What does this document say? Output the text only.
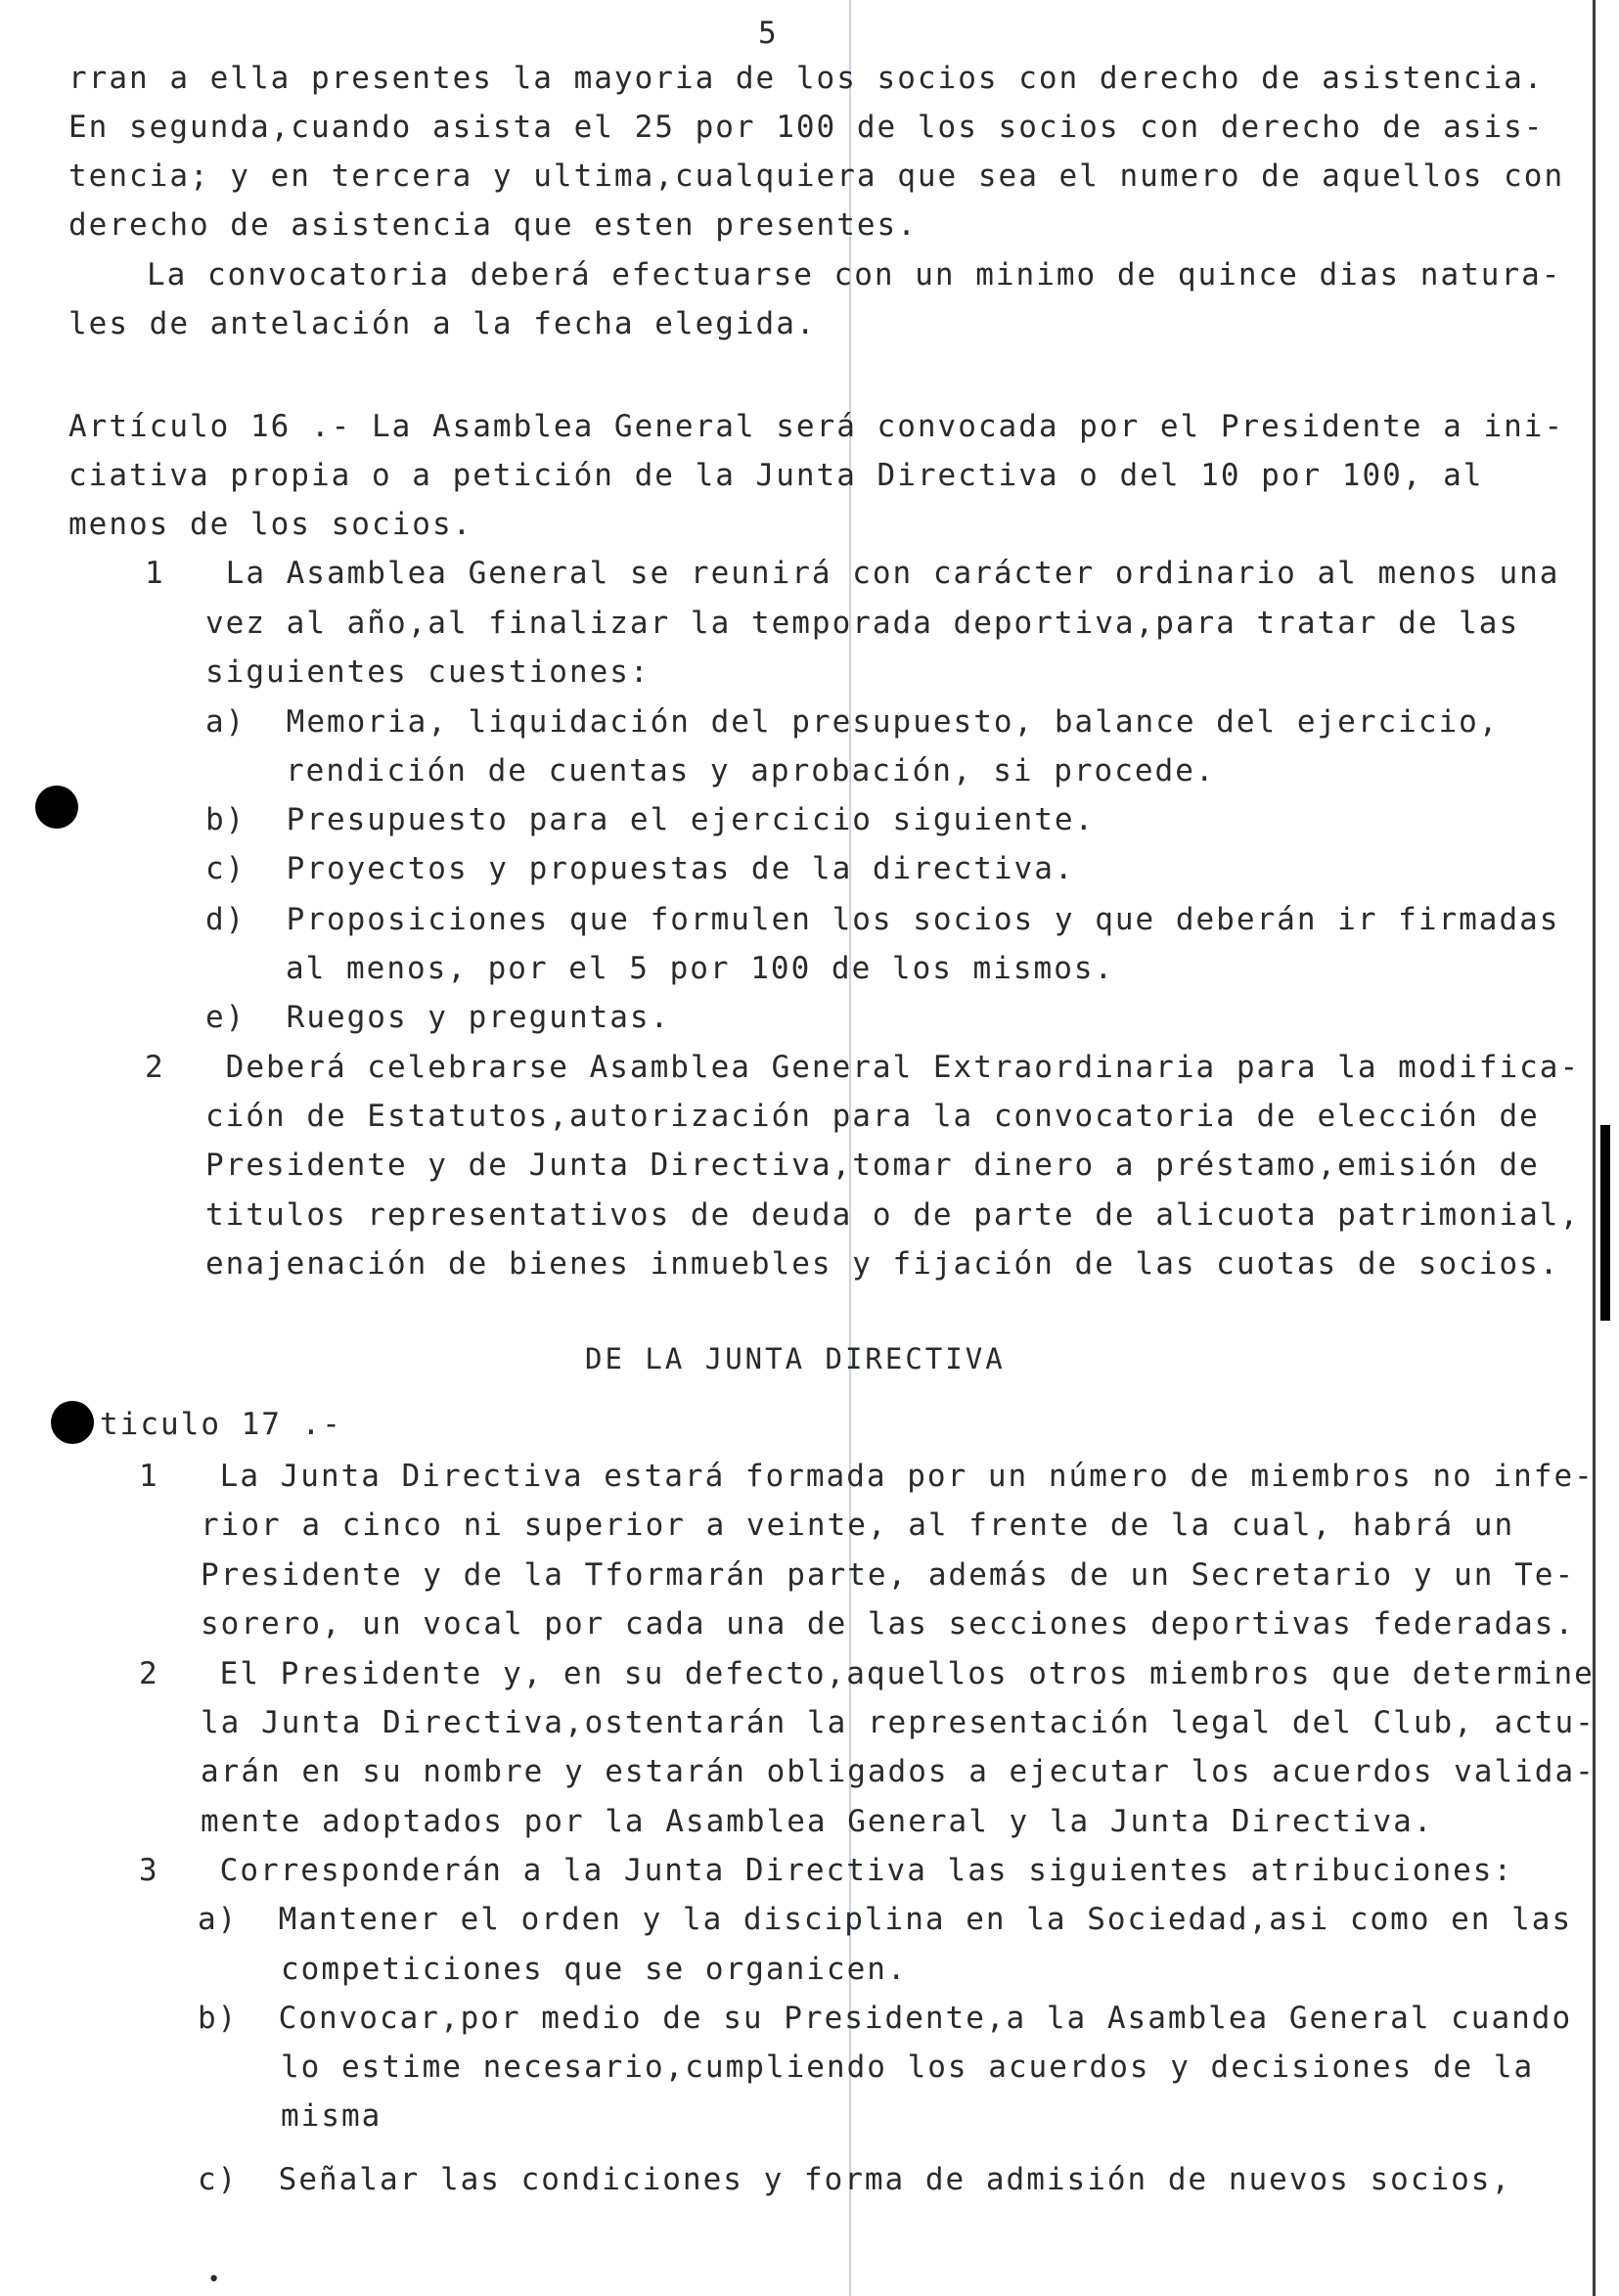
5
rran a ella presentes la mayoria de los socios con derecho de asistencia.
En segunda,cuando asista el 25 por 100 de los socios con derecho de asis-
tencia; y en tercera y ultima,cualquiera que sea el numero de aquellos con
derecho de asistencia que esten presentes.
La convocatoria deberá efectuarse con un minimo de quince dias natura-
les de antelación a la fecha elegida.
Artículo 16 .- La Asamblea General será convocada por el Presidente a ini-
ciativa propia o a petición de la Junta Directiva o del 10 por 100, al
menos de los socios.
1   La Asamblea General se reunirá con carácter ordinario al menos una
vez al año,al finalizar la temporada deportiva,para tratar de las
siguientes cuestiones:
a)  Memoria, liquidación del presupuesto, balance del ejercicio,
rendición de cuentas y aprobación, si procede.
b)  Presupuesto para el ejercicio siguiente.
c)  Proyectos y propuestas de la directiva.
d)  Proposiciones que formulen los socios y que deberán ir firmadas
al menos, por el 5 por 100 de los mismos.
e)  Ruegos y preguntas.
2   Deberá celebrarse Asamblea General Extraordinaria para la modifica-
ción de Estatutos,autorización para la convocatoria de elección de
Presidente y de Junta Directiva,tomar dinero a préstamo,emisión de
titulos representativos de deuda o de parte de alicuota patrimonial,
enajenación de bienes inmuebles y fijación de las cuotas de socios.
DE LA JUNTA DIRECTIVA
ticulo 17 .-
1   La Junta Directiva estará formada por un número de miembros no infe-
rior a cinco ni superior a veinte, al frente de la cual, habrá un
Presidente y de la Tformarán parte, además de un Secretario y un Te-
sorero, un vocal por cada una de las secciones deportivas federadas.
2   El Presidente y, en su defecto,aquellos otros miembros que determine
la Junta Directiva,ostentarán la representación legal del Club, actu-
arán en su nombre y estarán obligados a ejecutar los acuerdos valida-
mente adoptados por la Asamblea General y la Junta Directiva.
3   Corresponderán a la Junta Directiva las siguientes atribuciones:
a)  Mantener el orden y la disciplina en la Sociedad,asi como en las
competiciones que se organicen.
b)  Convocar,por medio de su Presidente,a la Asamblea General cuando
lo estime necesario,cumpliendo los acuerdos y decisiones de la
misma
c)  Señalar las condiciones y forma de admisión de nuevos socios,
•
